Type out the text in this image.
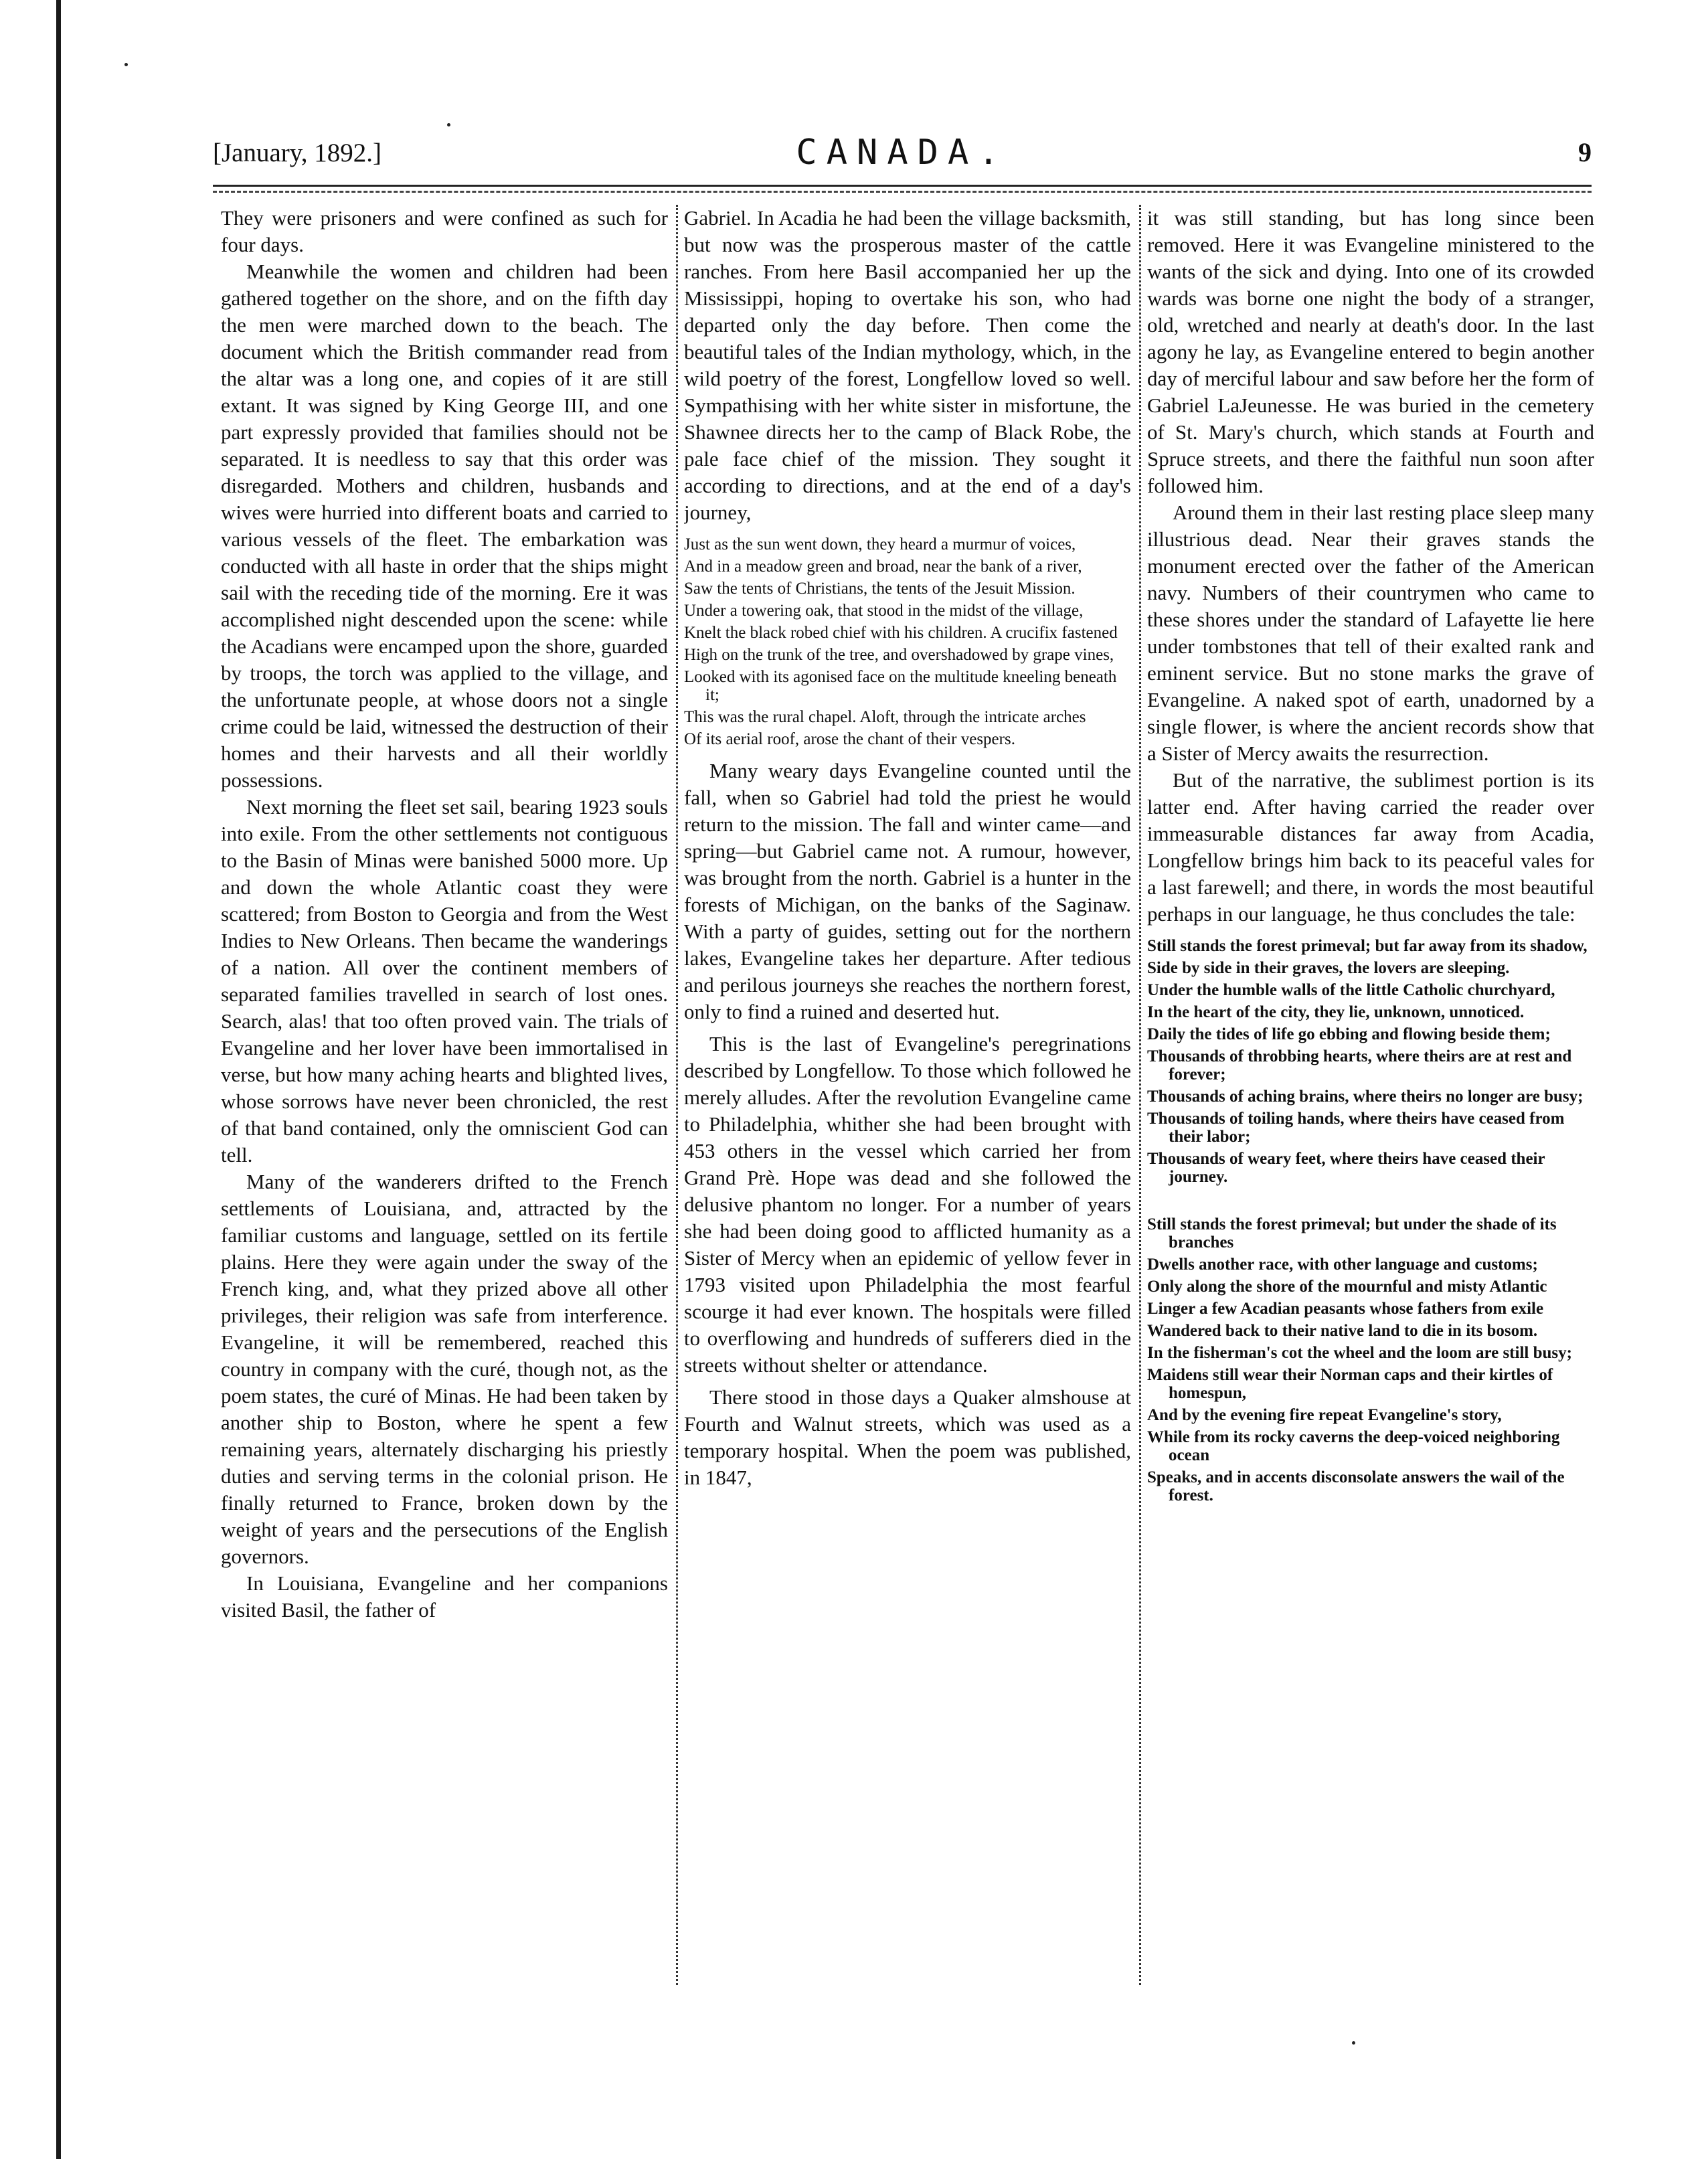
[January, 1892.]	CANADA.	9

They were prisoners and were confined as such for four days.

Meanwhile the women and children had been gathered together on the shore, and on the fifth day the men were marched down to the beach. The document which the British commander read from the altar was a long one, and copies of it are still extant. It was signed by King George III, and one part expressly provided that families should not be separated. It is needless to say that this order was disregarded. Mothers and children, husbands and wives were hurried into different boats and carried to various vessels of the fleet. The embarkation was conducted with all haste in order that the ships might sail with the receding tide of the morning. Ere it was accomplished night descended upon the scene: while the Acadians were encamped upon the shore, guarded by troops, the torch was applied to the village, and the unfortunate people, at whose doors not a single crime could be laid, witnessed the destruction of their homes and their harvests and all their worldly possessions.

Next morning the fleet set sail, bearing 1923 souls into exile. From the other settlements not contiguous to the Basin of Minas were banished 5000 more. Up and down the whole Atlantic coast they were scattered; from Boston to Georgia and from the West Indies to New Orleans. Then became the wanderings of a nation. All over the continent members of separated families travelled in search of lost ones. Search, alas! that too often proved vain. The trials of Evangeline and her lover have been immortalised in verse, but how many aching hearts and blighted lives, whose sorrows have never been chronicled, the rest of that band contained, only the omniscient God can tell.

Many of the wanderers drifted to the French settlements of Louisiana, and, attracted by the familiar customs and language, settled on its fertile plains. Here they were again under the sway of the French king, and, what they prized above all other privileges, their religion was safe from interference. Evangeline, it will be remembered, reached this country in company with the curé, though not, as the poem states, the curé of Minas. He had been taken by another ship to Boston, where he spent a few remaining years, alternately discharging his priestly duties and serving terms in the colonial prison. He finally returned to France, broken down by the weight of years and the persecutions of the English governors.

In Louisiana, Evangeline and her companions visited Basil, the father of

Gabriel. In Acadia he had been the village backsmith, but now was the prosperous master of the cattle ranches. From here Basil accompanied her up the Mississippi, hoping to overtake his son, who had departed only the day before. Then come the beautiful tales of the Indian mythology, which, in the wild poetry of the forest, Longfellow loved so well. Sympathising with her white sister in misfortune, the Shawnee directs her to the camp of Black Robe, the pale face chief of the mission. They sought it according to directions, and at the end of a day's journey,

Just as the sun went down, they heard a murmur of voices,

And in a meadow green and broad, near the bank of a river,

Saw the tents of Christians, the tents of the Jesuit Mission.

Under a towering oak, that stood in the midst of the village,

Knelt the black robed chief with his children. A crucifix fastened

High on the trunk of the tree, and overshadowed by grape vines,

Looked with its agonised face on the multitude kneeling beneath it;

This was the rural chapel. Aloft, through the intricate arches

Of its aerial roof, arose the chant of their vespers.

Many weary days Evangeline counted until the fall, when so Gabriel had told the priest he would return to the mission. The fall and winter came—and spring—but Gabriel came not. A rumour, however, was brought from the north. Gabriel is a hunter in the forests of Michigan, on the banks of the Saginaw. With a party of guides, setting out for the northern lakes, Evangeline takes her departure. After tedious and perilous journeys she reaches the northern forest, only to find a ruined and deserted hut.

This is the last of Evangeline's peregrinations described by Longfellow. To those which followed he merely alludes. After the revolution Evangeline came to Philadelphia, whither she had been brought with 453 others in the vessel which carried her from Grand Prè. Hope was dead and she followed the delusive phantom no longer. For a number of years she had been doing good to afflicted humanity as a Sister of Mercy when an epidemic of yellow fever in 1793 visited upon Philadelphia the most fearful scourge it had ever known. The hospitals were filled to overflowing and hundreds of sufferers died in the streets without shelter or attendance.

There stood in those days a Quaker almshouse at Fourth and Walnut streets, which was used as a temporary hospital. When the poem was published, in 1847,

it was still standing, but has long since been removed. Here it was Evangeline ministered to the wants of the sick and dying. Into one of its crowded wards was borne one night the body of a stranger, old, wretched and nearly at death's door. In the last agony he lay, as Evangeline entered to begin another day of merciful labour and saw before her the form of Gabriel LaJeunesse. He was buried in the cemetery of St. Mary's church, which stands at Fourth and Spruce streets, and there the faithful nun soon after followed him.

Around them in their last resting place sleep many illustrious dead. Near their graves stands the monument erected over the father of the American navy. Numbers of their countrymen who came to these shores under the standard of Lafayette lie here under tombstones that tell of their exalted rank and eminent service. But no stone marks the grave of Evangeline. A naked spot of earth, unadorned by a single flower, is where the ancient records show that a Sister of Mercy awaits the resurrection.

But of the narrative, the sublimest portion is its latter end. After having carried the reader over immeasurable distances far away from Acadia, Longfellow brings him back to its peaceful vales for a last farewell; and there, in words the most beautiful perhaps in our language, he thus concludes the tale:

Still stands the forest primeval; but far away from its shadow,

Side by side in their graves, the lovers are sleeping.

Under the humble walls of the little Catholic churchyard,

In the heart of the city, they lie, unknown, unnoticed.

Daily the tides of life go ebbing and flowing beside them;

Thousands of throbbing hearts, where theirs are at rest and forever;

Thousands of aching brains, where theirs no longer are busy;

Thousands of toiling hands, where theirs have ceased from their labor;

Thousands of weary feet, where theirs have ceased their journey.

Still stands the forest primeval; but under the shade of its branches

Dwells another race, with other language and customs;

Only along the shore of the mournful and misty Atlantic

Linger a few Acadian peasants whose fathers from exile

Wandered back to their native land to die in its bosom.

In the fisherman's cot the wheel and the loom are still busy;

Maidens still wear their Norman caps and their kirtles of homespun,

And by the evening fire repeat Evangeline's story,

While from its rocky caverns the deep-voiced neighboring ocean

Speaks, and in accents disconsolate answers the wail of the forest.
